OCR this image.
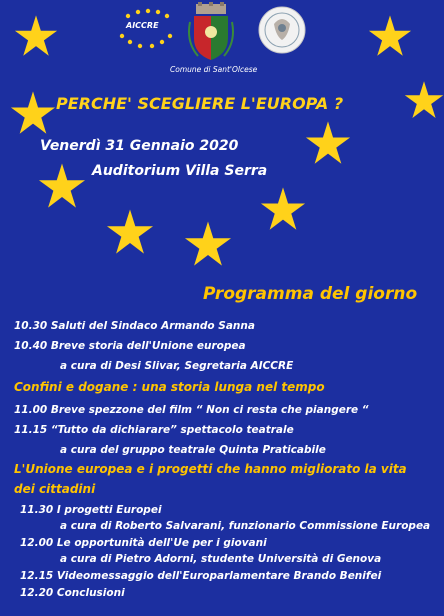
AICCRE
Comune di Sant'Olcese
PERCHE' SCEGLIERE L'EUROPA ?
Venerdì 31 Gennaio 2020
Auditorium Villa Serra
Programma del giorno
10.30 Saluti del Sindaco Armando Sanna
10.40 Breve storia dell'Unione europea
a cura di Desi Slivar, Segretaria AICCRE
Confini e dogane : una storia lunga nel tempo
11.00 Breve spezzone del film “ Non ci resta che piangere “
11.15 “Tutto da dichiarare” spettacolo teatrale
a cura del gruppo teatrale Quinta Praticabile
L'Unione europea e i progetti che hanno migliorato la vita
dei cittadini
11.30 I progetti Europei
a cura di Roberto Salvarani, funzionario Commissione Europea
12.00 Le opportunità dell'Ue per i giovani
a cura di Pietro Adorni, studente Università di Genova
12.15 Videomessaggio dell'Europarlamentare Brando Benifei
12.20 Conclusioni
